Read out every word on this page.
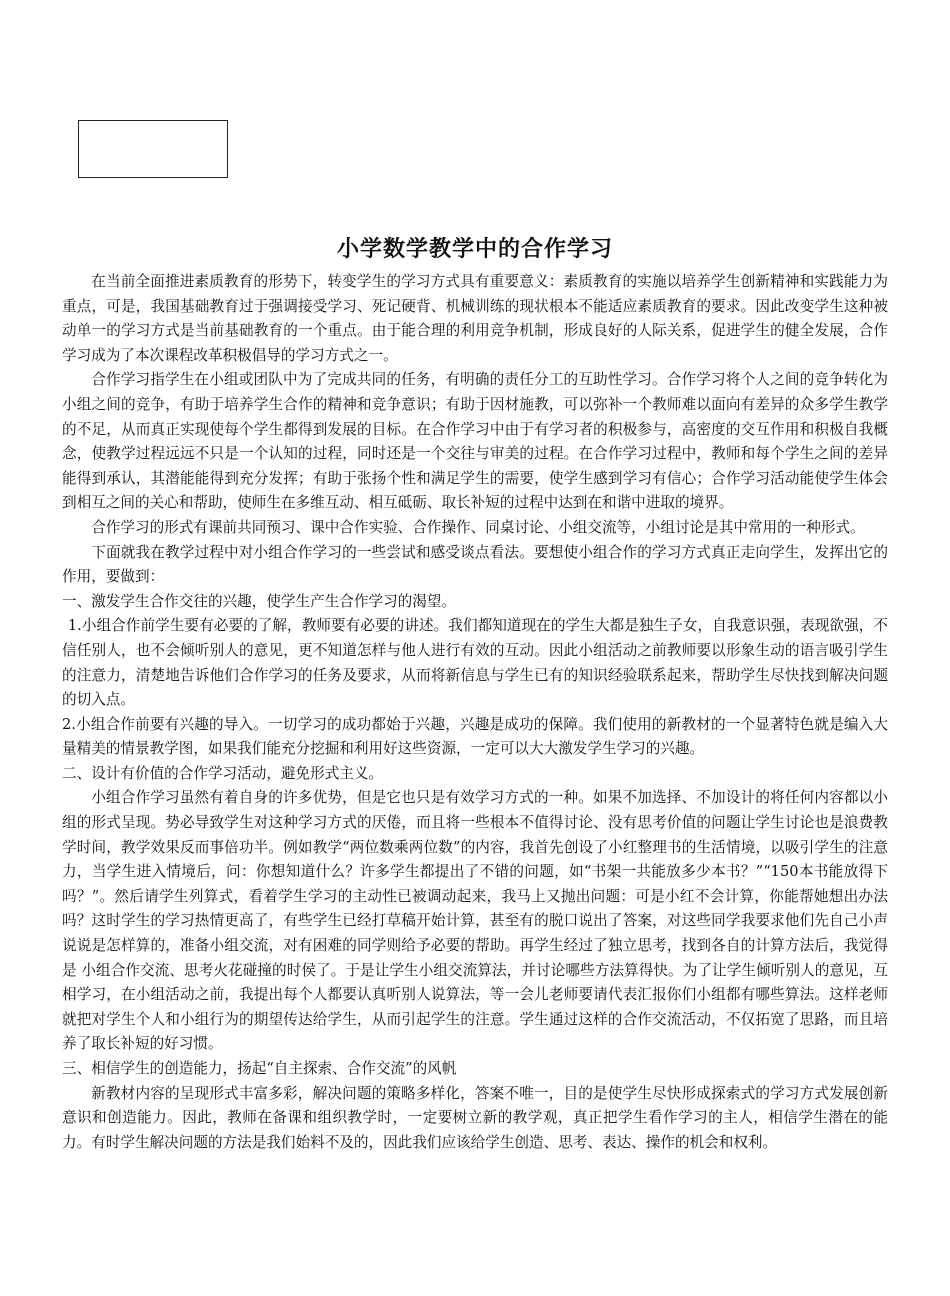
小学数学教学中的合作学习

在当前全面推进素质教育的形势下，转变学生的学习方式具有重要意义：素质教育的实施以培养学生创新精神和实践能力为重点，可是，我国基础教育过于强调接受学习、死记硬背、机械训练的现状根本不能适应素质教育的要求。因此改变学生这种被动单一的学习方式是当前基础教育的一个重点。由于能合理的利用竞争机制，形成良好的人际关系，促进学生的健全发展，合作学习成为了本次课程改革积极倡导的学习方式之一。

合作学习指学生在小组或团队中为了完成共同的任务，有明确的责任分工的互助性学习。合作学习将个人之间的竞争转化为小组之间的竞争，有助于培养学生合作的精神和竞争意识；有助于因材施教，可以弥补一个教师难以面向有差异的众多学生教学的不足，从而真正实现使每个学生都得到发展的目标。在合作学习中由于有学习者的积极参与，高密度的交互作用和积极自我概念，使教学过程远远不只是一个认知的过程，同时还是一个交往与审美的过程。在合作学习过程中，教师和每个学生之间的差异能得到承认，其潜能能得到充分发挥；有助于张扬个性和满足学生的需要，使学生感到学习有信心；合作学习活动能使学生体会到相互之间的关心和帮助，使师生在多维互动、相互砥砺、取长补短的过程中达到在和谐中进取的境界。

合作学习的形式有课前共同预习、课中合作实验、合作操作、同桌讨论、小组交流等，小组讨论是其中常用的一种形式。

下面就我在教学过程中对小组合作学习的一些尝试和感受谈点看法。要想使小组合作的学习方式真正走向学生，发挥出它的作用，要做到：

一、激发学生合作交往的兴趣，使学生产生合作学习的渴望。

1.小组合作前学生要有必要的了解，教师要有必要的讲述。我们都知道现在的学生大都是独生子女，自我意识强，表现欲强，不信任别人，也不会倾听别人的意见，更不知道怎样与他人进行有效的互动。因此小组活动之前教师要以形象生动的语言吸引学生的注意力，清楚地告诉他们合作学习的任务及要求，从而将新信息与学生已有的知识经验联系起来，帮助学生尽快找到解决问题的切入点。

2.小组合作前要有兴趣的导入。一切学习的成功都始于兴趣，兴趣是成功的保障。我们使用的新教材的一个显著特色就是编入大量精美的情景教学图，如果我们能充分挖掘和利用好这些资源，一定可以大大激发学生学习的兴趣。

二、设计有价值的合作学习活动，避免形式主义。

小组合作学习虽然有着自身的许多优势，但是它也只是有效学习方式的一种。如果不加选择、不加设计的将任何内容都以小组的形式呈现。势必导致学生对这种学习方式的厌倦，而且将一些根本不值得讨论、没有思考价值的问题让学生讨论也是浪费教学时间，教学效果反而事倍功半。例如教学“两位数乘两位数”的内容，我首先创设了小红整理书的生活情境，以吸引学生的注意力，当学生进入情境后，问：你想知道什么？许多学生都提出了不错的问题，如“书架一共能放多少本书？”“150本书能放得下吗？”。然后请学生列算式，看着学生学习的主动性已被调动起来，我马上又抛出问题：可是小红不会计算，你能帮她想出办法吗？这时学生的学习热情更高了，有些学生已经打草稿开始计算，甚至有的脱口说出了答案，对这些同学我要求他们先自己小声说说是怎样算的，准备小组交流，对有困难的同学则给予必要的帮助。再学生经过了独立思考，找到各自的计算方法后，我觉得是 小组合作交流、思考火花碰撞的时侯了。于是让学生小组交流算法，并讨论哪些方法算得快。为了让学生倾听别人的意见，互相学习，在小组活动之前，我提出每个人都要认真听别人说算法，等一会儿老师要请代表汇报你们小组都有哪些算法。这样老师就把对学生个人和小组行为的期望传达给学生，从而引起学生的注意。学生通过这样的合作交流活动，不仅拓宽了思路，而且培养了取长补短的好习惯。

三、相信学生的创造能力，扬起“自主探索、合作交流”的风帆

新教材内容的呈现形式丰富多彩，解决问题的策略多样化，答案不唯一，目的是使学生尽快形成探索式的学习方式发展创新意识和创造能力。因此，教师在备课和组织教学时，一定要树立新的教学观，真正把学生看作学习的主人，相信学生潜在的能力。有时学生解决问题的方法是我们始料不及的，因此我们应该给学生创造、思考、表达、操作的机会和权利。
